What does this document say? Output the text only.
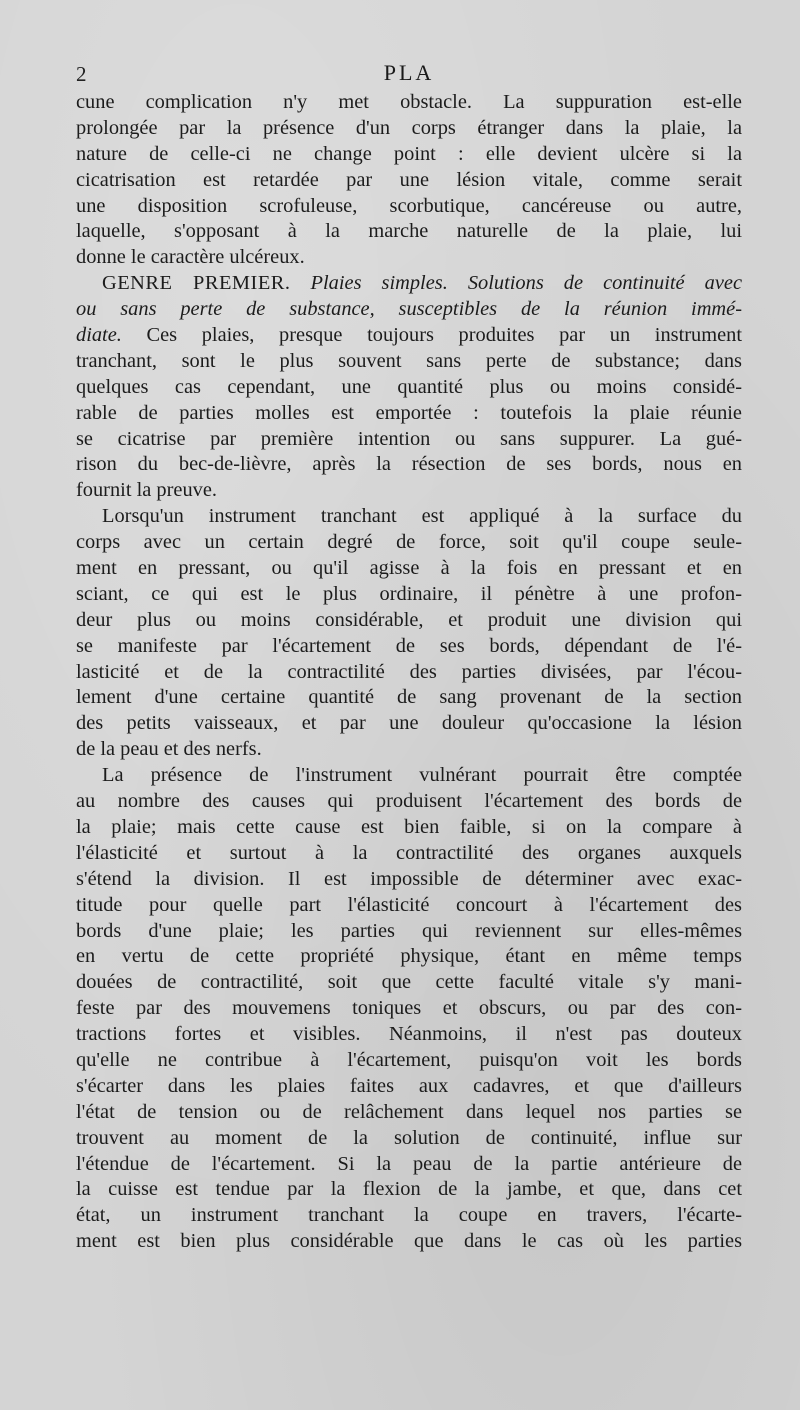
2	PLA
cune complication n'y met obstacle. La suppuration est-elle
prolongée par la présence d'un corps étranger dans la plaie, la
nature de celle-ci ne change point : elle devient ulcère si la
cicatrisation est retardée par une lésion vitale, comme serait
une disposition scrofuleuse, scorbutique, cancéreuse ou autre,
laquelle, s'opposant à la marche naturelle de la plaie, lui
donne le caractère ulcéreux.
GENRE PREMIER. Plaies simples. Solutions de continuité avec
ou sans perte de substance, susceptibles de la réunion immé-
diate. Ces plaies, presque toujours produites par un instrument
tranchant, sont le plus souvent sans perte de substance; dans
quelques cas cependant, une quantité plus ou moins considé-
rable de parties molles est emportée : toutefois la plaie réunie
se cicatrise par première intention ou sans suppurer. La gué-
rison du bec-de-lièvre, après la résection de ses bords, nous en
fournit la preuve.
Lorsqu'un instrument tranchant est appliqué à la surface du
corps avec un certain degré de force, soit qu'il coupe seule-
ment en pressant, ou qu'il agisse à la fois en pressant et en
sciant, ce qui est le plus ordinaire, il pénètre à une profon-
deur plus ou moins considérable, et produit une division qui
se manifeste par l'écartement de ses bords, dépendant de l'é-
lasticité et de la contractilité des parties divisées, par l'écou-
lement d'une certaine quantité de sang provenant de la section
des petits vaisseaux, et par une douleur qu'occasione la lésion
de la peau et des nerfs.
La présence de l'instrument vulnérant pourrait être comptée
au nombre des causes qui produisent l'écartement des bords de
la plaie; mais cette cause est bien faible, si on la compare à
l'élasticité et surtout à la contractilité des organes auxquels
s'étend la division. Il est impossible de déterminer avec exac-
titude pour quelle part l'élasticité concourt à l'écartement des
bords d'une plaie; les parties qui reviennent sur elles-mêmes
en vertu de cette propriété physique, étant en même temps
douées de contractilité, soit que cette faculté vitale s'y mani-
feste par des mouvemens toniques et obscurs, ou par des con-
tractions fortes et visibles. Néanmoins, il n'est pas douteux
qu'elle ne contribue à l'écartement, puisqu'on voit les bords
s'écarter dans les plaies faites aux cadavres, et que d'ailleurs
l'état de tension ou de relâchement dans lequel nos parties se
trouvent au moment de la solution de continuité, influe sur
l'étendue de l'écartement. Si la peau de la partie antérieure de
la cuisse est tendue par la flexion de la jambe, et que, dans cet
état, un instrument tranchant la coupe en travers, l'écarte-
ment est bien plus considérable que dans le cas où les parties
